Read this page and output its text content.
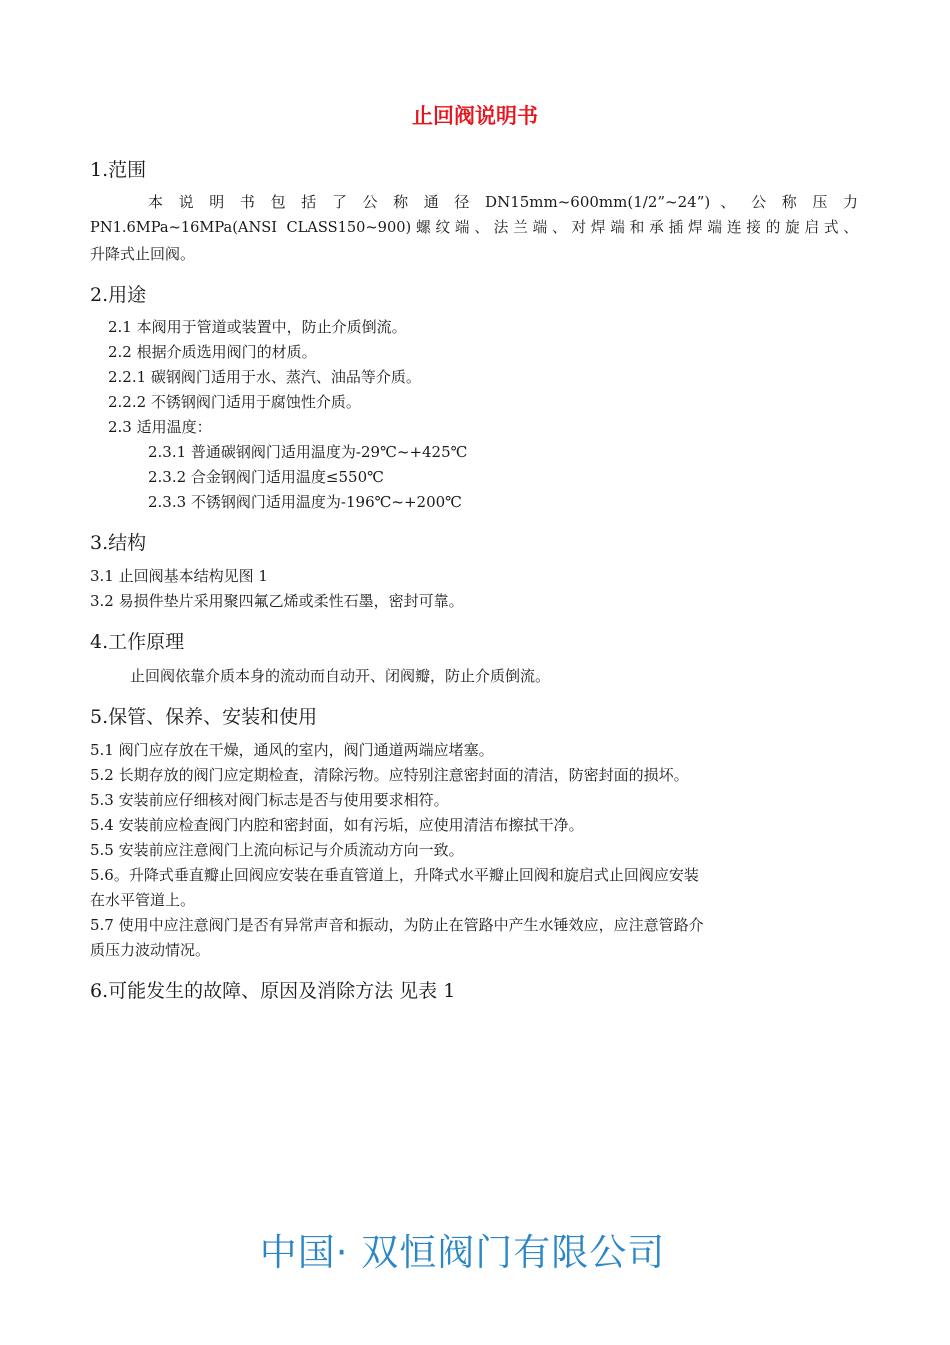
止回阀说明书
1.范围
本 说 明 书 包 括 了 公 称 通 径 DN15mm~600mm(1/2”~24”) 、 公 称 压 力
PN1.6MPa~16MPa(ANSI CLASS150~900)螺纹端、法兰端、对焊端和承插焊端连接的旋启式、
升降式止回阀。
2.用途
2.1 本阀用于管道或装置中，防止介质倒流。
2.2 根据介质选用阀门的材质。
2.2.1 碳钢阀门适用于水、蒸汽、油品等介质。
2.2.2 不锈钢阀门适用于腐蚀性介质。
2.3 适用温度：
2.3.1 普通碳钢阀门适用温度为-29℃~+425℃
2.3.2 合金钢阀门适用温度≤550℃
2.3.3 不锈钢阀门适用温度为-196℃~+200℃
3.结构
3.1 止回阀基本结构见图 1
3.2 易损件垫片采用聚四氟乙烯或柔性石墨，密封可靠。
4.工作原理
止回阀依靠介质本身的流动而自动开、闭阀瓣，防止介质倒流。
5.保管、保养、安装和使用
5.1 阀门应存放在干燥，通风的室内，阀门通道两端应堵塞。
5.2 长期存放的阀门应定期检查，清除污物。应特别注意密封面的清洁，防密封面的损坏。
5.3 安装前应仔细核对阀门标志是否与使用要求相符。
5.4 安装前应检查阀门内腔和密封面，如有污垢，应使用清洁布擦拭干净。
5.5 安装前应注意阀门上流向标记与介质流动方向一致。
5.6。升降式垂直瓣止回阀应安装在垂直管道上，升降式水平瓣止回阀和旋启式止回阀应安装
在水平管道上。
5.7 使用中应注意阀门是否有异常声音和振动，为防止在管路中产生水锤效应，应注意管路介
质压力波动情况。
6.可能发生的故障、原因及消除方法 见表 1
中国· 双恒阀门有限公司
